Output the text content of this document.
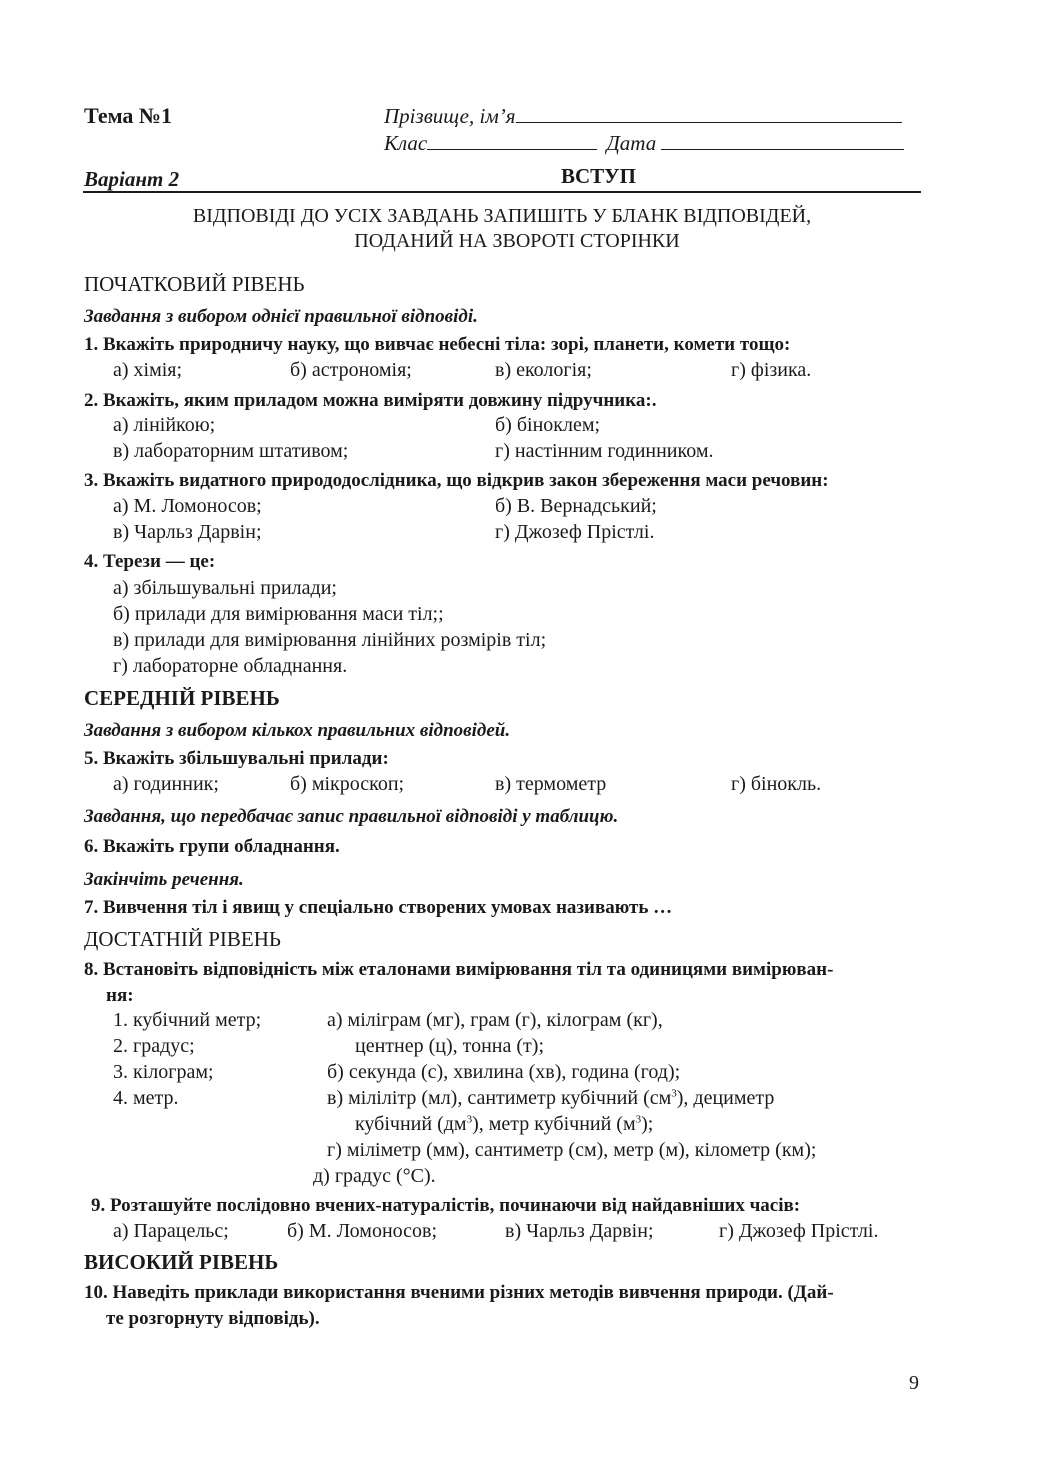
Тема №1	Прізвище, ім’я
Клас	Дата
Варіант 2	ВСТУП
ВІДПОВІДІ ДО УСІХ ЗАВДАНЬ ЗАПИШІТЬ У БЛАНК ВІДПОВІДЕЙ,
ПОДАНИЙ НА ЗВОРОТІ СТОРІНКИ
ПОЧАТКОВИЙ РІВЕНЬ
Завдання з вибором однієї правильної відповіді.
1. Вкажіть природничу науку, що вивчає небесні тіла: зорі, планети, комети тощо:
а) хімія;	б) астрономія;	в) екологія;	г) фізика.
2. Вкажіть, яким приладом можна виміряти довжину підручника:.
а) лінійкою;	б) біноклем;
в) лабораторним штативом;	г) настінним годинником.
3. Вкажіть видатного природодослідника, що відкрив закон збереження маси речовин:
а) М. Ломоносов;	б) В. Вернадський;
в) Чарльз Дарвін;	г) Джозеф Прістлі.
4. Терези — це:
а) збільшувальні прилади;
б) прилади для вимірювання маси тіл;;
в) прилади для вимірювання лінійних розмірів тіл;
г) лабораторне обладнання.
СЕРЕДНІЙ РІВЕНЬ
Завдання з вибором кількох правильних відповідей.
5. Вкажіть збільшувальні прилади:
а) годинник;	б) мікроскоп;	в) термометр	г) бінокль.
Завдання, що передбачає запис правильної відповіді у таблицю.
6. Вкажіть групи обладнання.
Закінчіть речення.
7. Вивчення тіл і явищ у спеціально створених умовах називають …
ДОСТАТНІЙ РІВЕНЬ
8. Встановіть відповідність між еталонами вимірювання тіл та одиницями вимірюван-
ня:
1. кубічний метр;
2. градус;
3. кілограм;
4. метр.
а) міліграм (мг), грам (г), кілограм (кг),
центнер (ц), тонна (т);
б) секунда (с), хвилина (хв), година (год);
в) мілілітр (мл), сантиметр кубічний $(см^3)$, дециметр
кубічний $(дм^3)$, метр кубічний $(м^3)$;
г) міліметр (мм), сантиметр (см), метр (м), кілометр (км);
д) градус (°С).
9. Розташуйте послідовно вчених-натуралістів, починаючи від найдавніших часів:
а) Парацельс;	б) М. Ломоносов;	в) Чарльз Дарвін;	г) Джозеф Прістлі.
ВИСОКИЙ РІВЕНЬ
10. Наведіть приклади використання вченими різних методів вивчення природи. (Дай-
те розгорнуту відповідь).
9
